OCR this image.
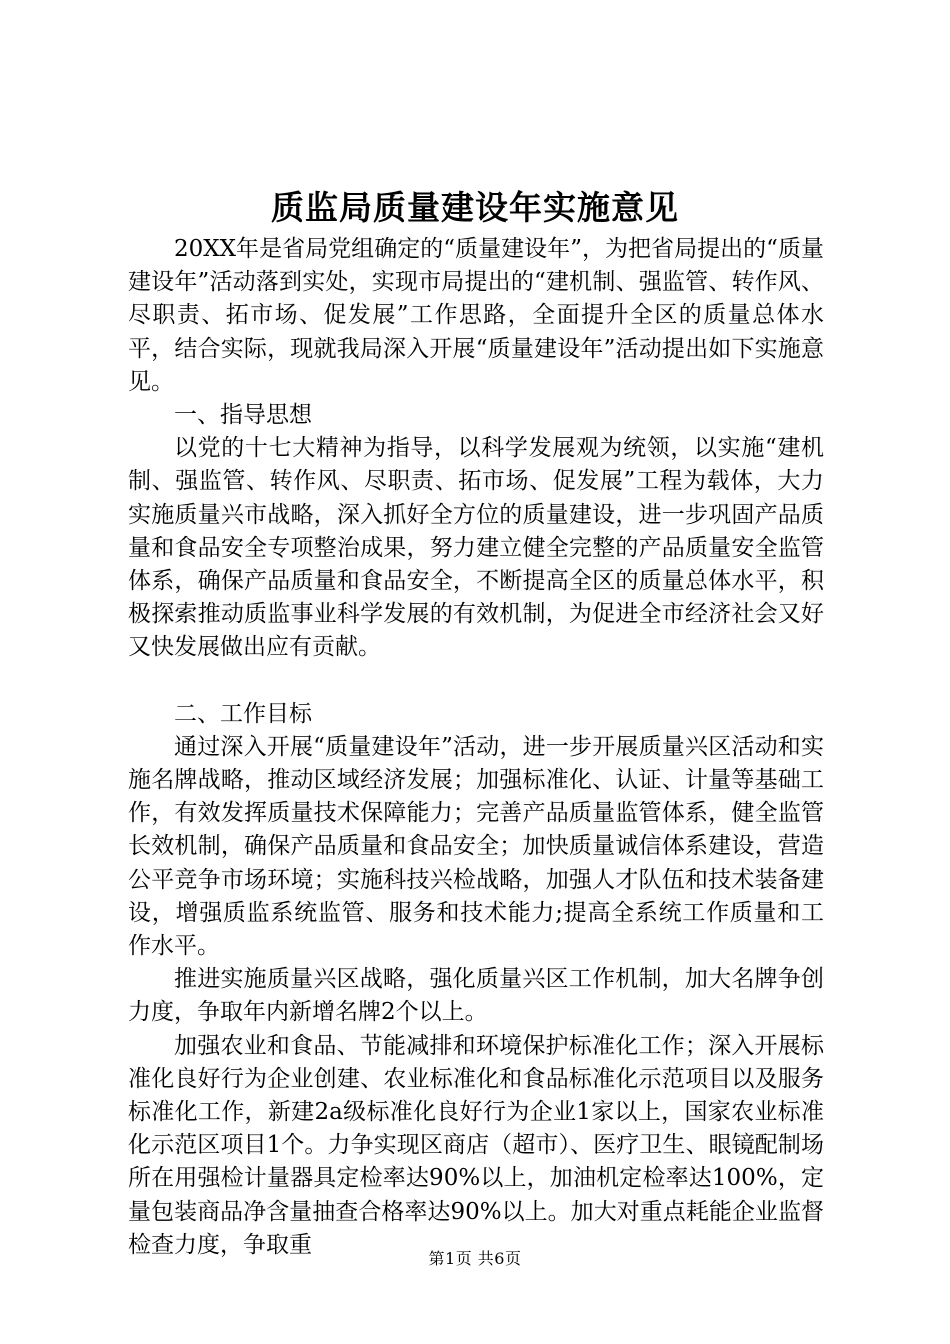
质监局质量建设年实施意见

20XX年是省局党组确定的“质量建设年”，为把省局提出的“质量建设年”活动落到实处，实现市局提出的“建机制、强监管、转作风、尽职责、拓市场、促发展”工作思路，全面提升全区的质量总体水平，结合实际，现就我局深入开展“质量建设年”活动提出如下实施意见。

一、指导思想

以党的十七大精神为指导，以科学发展观为统领，以实施“建机制、强监管、转作风、尽职责、拓市场、促发展”工程为载体，大力实施质量兴市战略，深入抓好全方位的质量建设，进一步巩固产品质量和食品安全专项整治成果，努力建立健全完整的产品质量安全监管体系，确保产品质量和食品安全，不断提高全区的质量总体水平，积极探索推动质监事业科学发展的有效机制，为促进全市经济社会又好又快发展做出应有贡献。

二、工作目标

通过深入开展“质量建设年”活动，进一步开展质量兴区活动和实施名牌战略，推动区域经济发展；加强标准化、认证、计量等基础工作，有效发挥质量技术保障能力；完善产品质量监管体系，健全监管长效机制，确保产品质量和食品安全；加快质量诚信体系建设，营造公平竞争市场环境；实施科技兴检战略，加强人才队伍和技术装备建设，增强质监系统监管、服务和技术能力;提高全系统工作质量和工作水平。

推进实施质量兴区战略，强化质量兴区工作机制，加大名牌争创力度，争取年内新增名牌2个以上。

加强农业和食品、节能减排和环境保护标准化工作；深入开展标准化良好行为企业创建、农业标准化和食品标准化示范项目以及服务标准化工作，新建2a级标准化良好行为企业1家以上，国家农业标准化示范区项目1个。力争实现区商店（超市）、医疗卫生、眼镜配制场所在用强检计量器具定检率达90%以上，加油机定检率达100%，定量包装商品净含量抽查合格率达90%以上。加大对重点耗能企业监督检查力度，争取重

第1页 共6页
